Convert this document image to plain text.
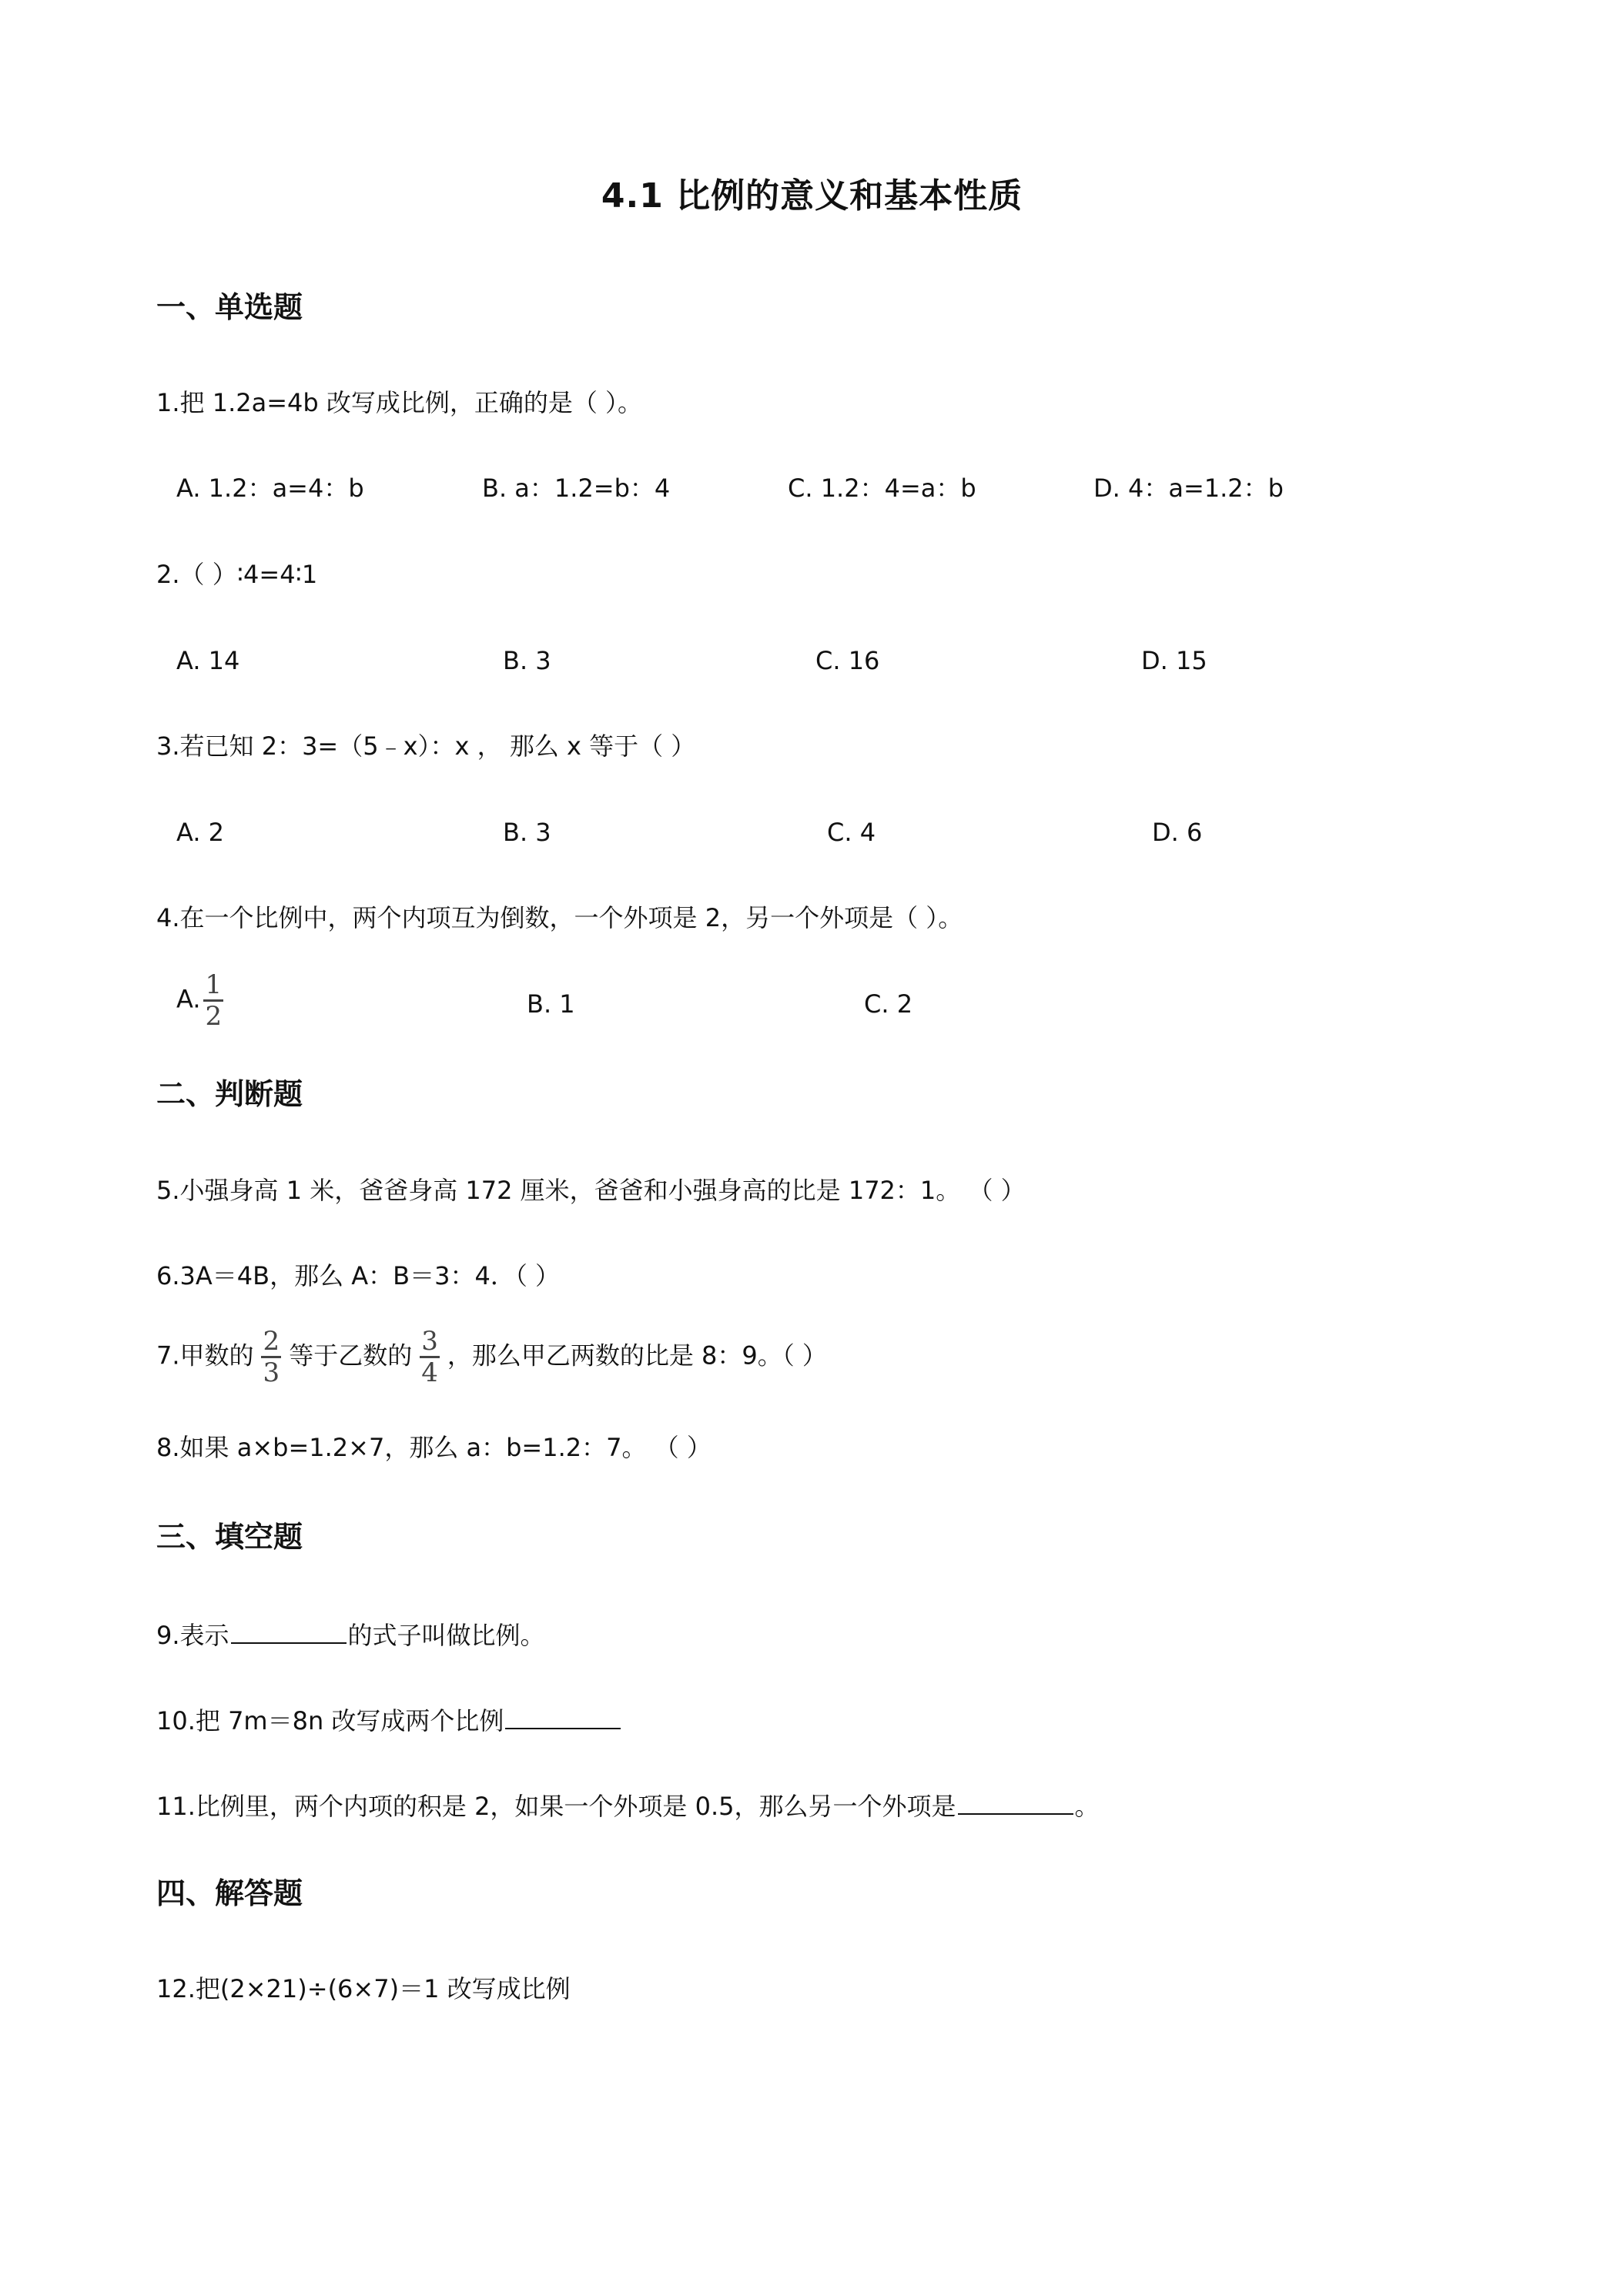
4.1 比例的意义和基本性质
一、单选题
1.把 1.2a=4b 改写成比例，正确的是（ ）。
A. 1.2：a=4：b	B. a：1.2=b：4	C. 1.2：4=a：b	D. 4：a=1.2：b
2.（ ）∶4=4∶1
A. 14	B. 3	C. 16	D. 15
3.若已知 2：3=（5﹣x）：x ， 那么 x 等于（ ）
A. 2	B. 3	C. 4	D. 6
4.在一个比例中，两个内项互为倒数，一个外项是 2，另一个外项是（ ）。
A. $\frac{1}{2}$	B. 1	C. 2
二、判断题
5.小强身高 1 米，爸爸身高 172 厘米，爸爸和小强身高的比是 172：1。 （ ）
6.3A＝4B，那么 A：B＝3：4．（ ）
7.甲数的 $\frac{2}{3}$ 等于乙数的 $\frac{3}{4}$ ，那么甲乙两数的比是 8：9。（ ）
8.如果 a×b=1.2×7，那么 a：b=1.2：7。 （ ）
三、填空题
9.表示	的式子叫做比例。
10.把 7m＝8n 改写成两个比例
11.比例里，两个内项的积是 2，如果一个外项是 0.5，那么另一个外项是	。
四、解答题
12.把(2×21)÷(6×7)＝1 改写成比例
